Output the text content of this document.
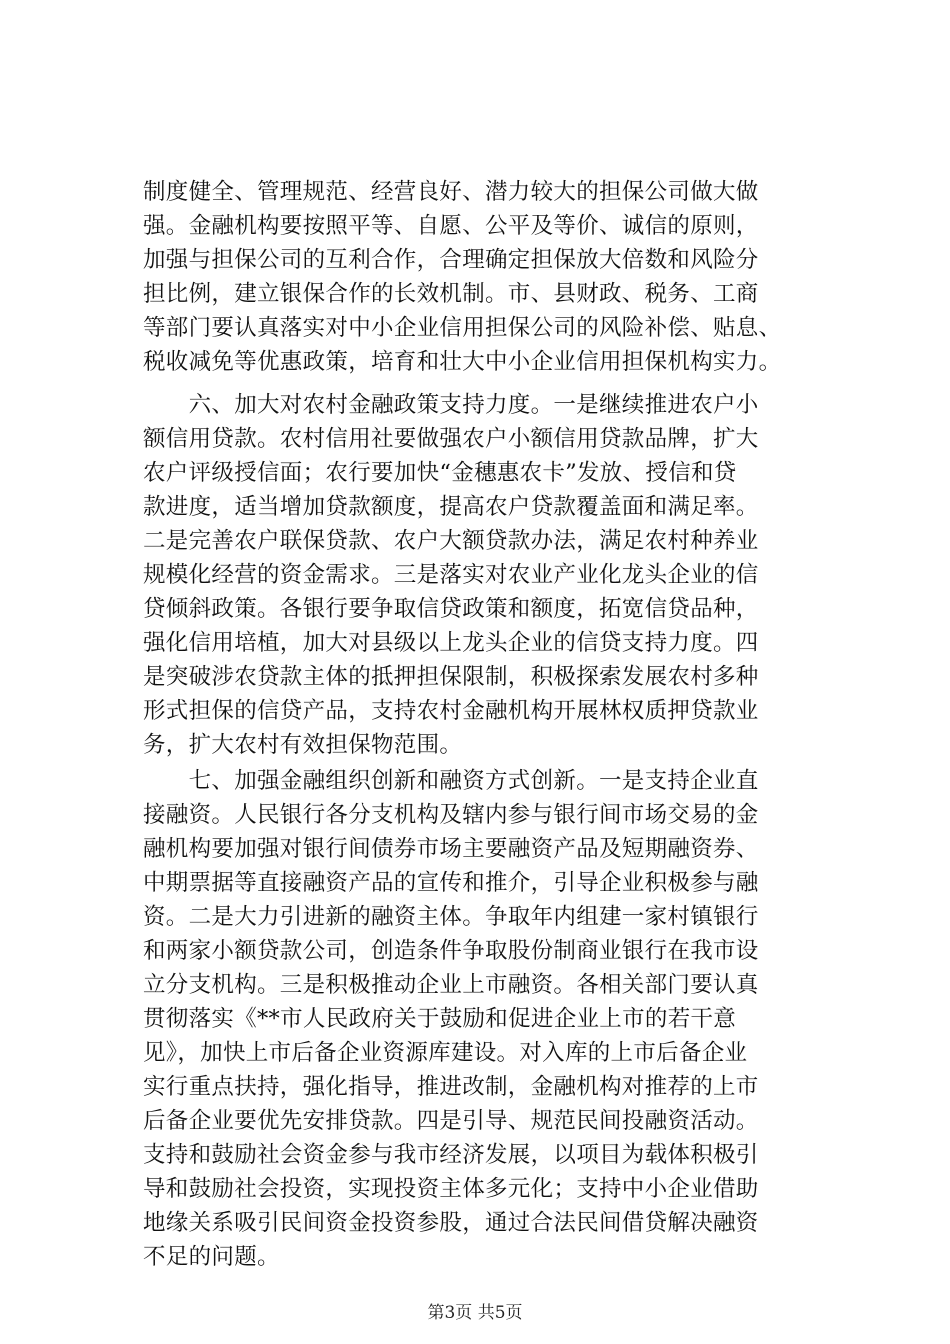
制度健全、管理规范、经营良好、潜力较大的担保公司做大做
强。金融机构要按照平等、自愿、公平及等价、诚信的原则，
加强与担保公司的互利合作，合理确定担保放大倍数和风险分
担比例，建立银保合作的长效机制。市、县财政、税务、工商
等部门要认真落实对中小企业信用担保公司的风险补偿、贴息、
税收减免等优惠政策，培育和壮大中小企业信用担保机构实力。
　　六、加大对农村金融政策支持力度。一是继续推进农户小
额信用贷款。农村信用社要做强农户小额信用贷款品牌，扩大
农户评级授信面；农行要加快“金穗惠农卡”发放、授信和贷
款进度，适当增加贷款额度，提高农户贷款覆盖面和满足率。
二是完善农户联保贷款、农户大额贷款办法，满足农村种养业
规模化经营的资金需求。三是落实对农业产业化龙头企业的信
贷倾斜政策。各银行要争取信贷政策和额度，拓宽信贷品种，
强化信用培植，加大对县级以上龙头企业的信贷支持力度。四
是突破涉农贷款主体的抵押担保限制，积极探索发展农村多种
形式担保的信贷产品，支持农村金融机构开展林权质押贷款业
务，扩大农村有效担保物范围。
　　七、加强金融组织创新和融资方式创新。一是支持企业直
接融资。人民银行各分支机构及辖内参与银行间市场交易的金
融机构要加强对银行间债券市场主要融资产品及短期融资券、
中期票据等直接融资产品的宣传和推介，引导企业积极参与融
资。二是大力引进新的融资主体。争取年内组建一家村镇银行
和两家小额贷款公司，创造条件争取股份制商业银行在我市设
立分支机构。三是积极推动企业上市融资。各相关部门要认真
贯彻落实《**市人民政府关于鼓励和促进企业上市的若干意
见》，加快上市后备企业资源库建设。对入库的上市后备企业
实行重点扶持，强化指导，推进改制，金融机构对推荐的上市
后备企业要优先安排贷款。四是引导、规范民间投融资活动。
支持和鼓励社会资金参与我市经济发展，以项目为载体积极引
导和鼓励社会投资，实现投资主体多元化；支持中小企业借助
地缘关系吸引民间资金投资参股，通过合法民间借贷解决融资
不足的问题。
第3页 共5页
